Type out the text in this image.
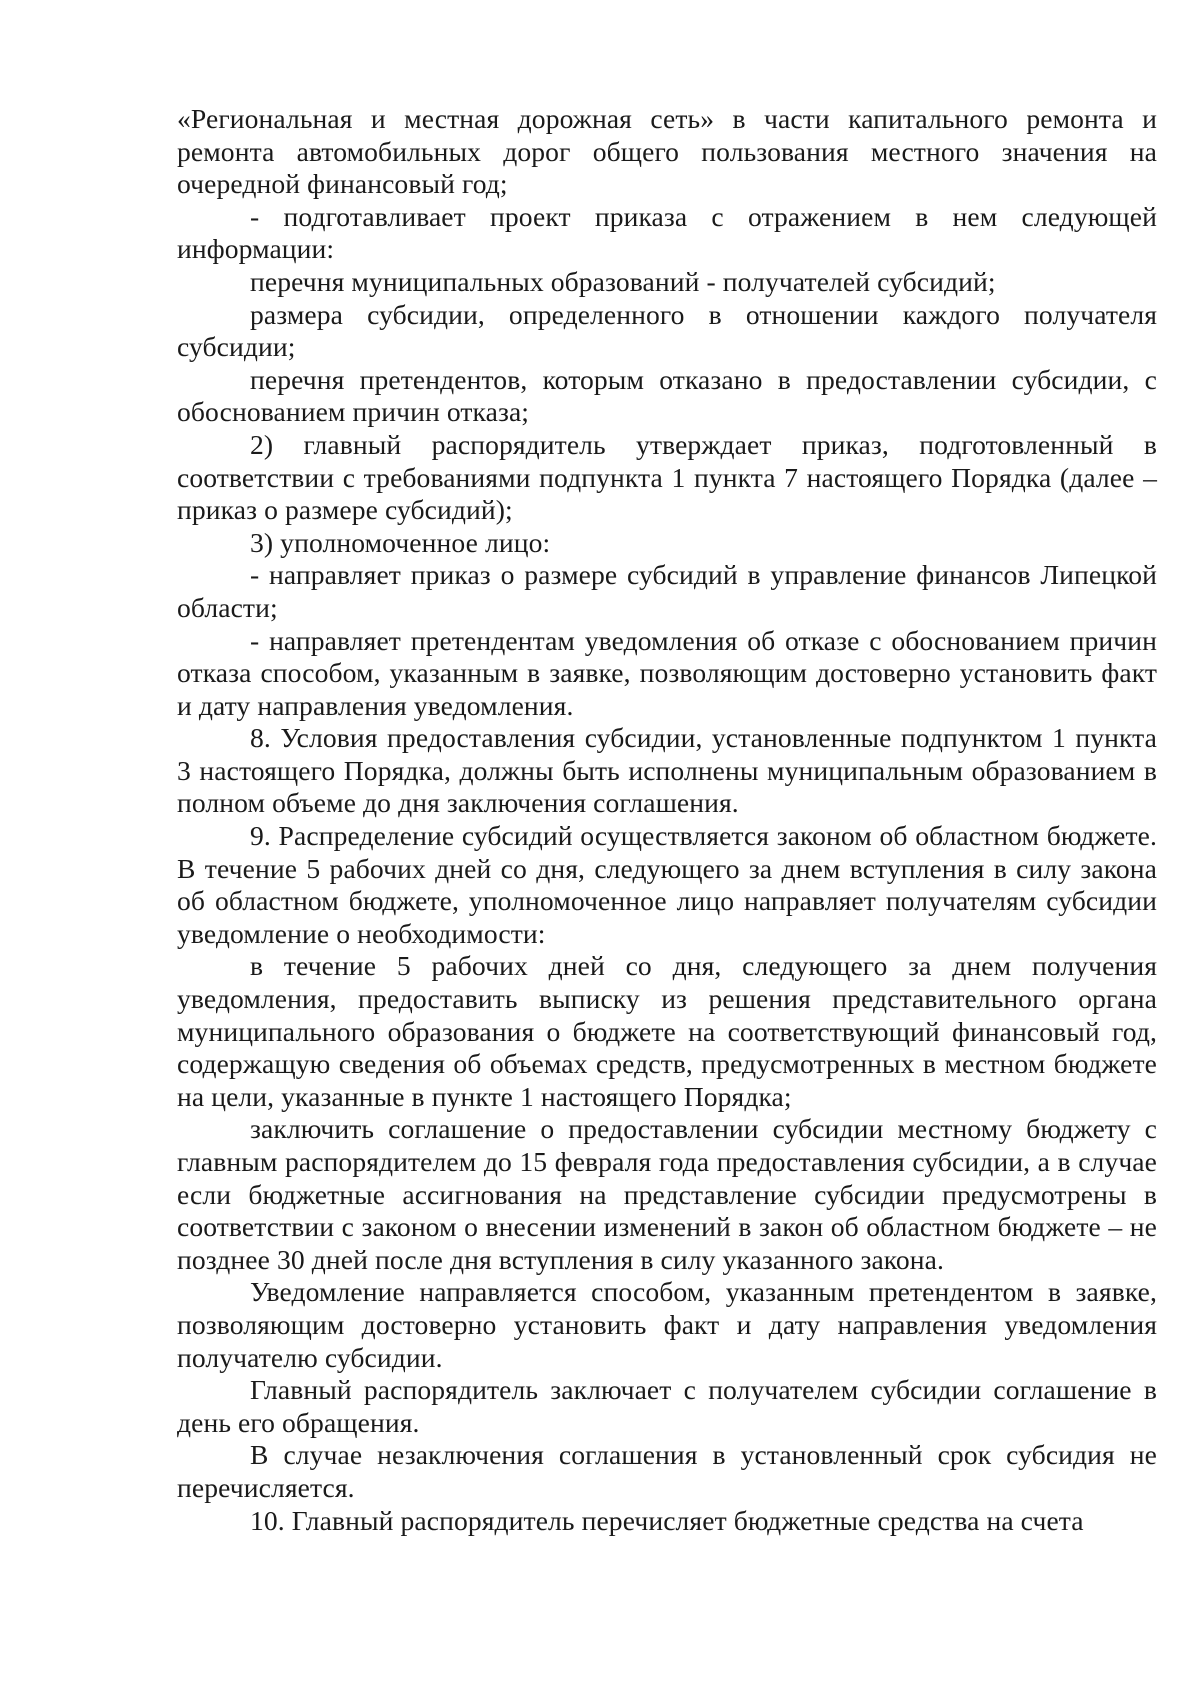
«Региональная и местная дорожная сеть» в части капитального ремонта и ремонта автомобильных дорог общего пользования местного значения на очередной финансовый год;

- подготавливает проект приказа с отражением в нем следующей информации:

перечня муниципальных образований - получателей субсидий;

размера субсидии, определенного в отношении каждого получателя субсидии;

перечня претендентов, которым отказано в предоставлении субсидии, с обоснованием причин отказа;

2) главный распорядитель утверждает приказ, подготовленный в соответствии с требованиями подпункта 1 пункта 7 настоящего Порядка (далее – приказ о размере субсидий);

3) уполномоченное лицо:

- направляет приказ о размере субсидий в управление финансов Липецкой области;

- направляет претендентам уведомления об отказе с обоснованием причин отказа способом, указанным в заявке, позволяющим достоверно установить факт и дату направления уведомления.

8. Условия предоставления субсидии, установленные подпунктом 1 пункта 3 настоящего Порядка, должны быть исполнены муниципальным образованием в полном объеме до дня заключения соглашения.

9. Распределение субсидий осуществляется законом об областном бюджете. В течение 5 рабочих дней со дня, следующего за днем вступления в силу закона об областном бюджете, уполномоченное лицо направляет получателям субсидии уведомление о необходимости:

в течение 5 рабочих дней со дня, следующего за днем получения уведомления, предоставить выписку из решения представительного органа муниципального образования о бюджете на соответствующий финансовый год, содержащую сведения об объемах средств, предусмотренных в местном бюджете на цели, указанные в пункте 1 настоящего Порядка;

заключить соглашение о предоставлении субсидии местному бюджету с главным распорядителем до 15 февраля года предоставления субсидии, а в случае если бюджетные ассигнования на представление субсидии предусмотрены в соответствии с законом о внесении изменений в закон об областном бюджете – не позднее 30 дней после дня вступления в силу указанного закона.

Уведомление направляется способом, указанным претендентом в заявке, позволяющим достоверно установить факт и дату направления уведомления получателю субсидии.

Главный распорядитель заключает с получателем субсидии соглашение в день его обращения.

В случае незаключения соглашения в установленный срок субсидия не перечисляется.

10. Главный распорядитель перечисляет бюджетные средства на счета
